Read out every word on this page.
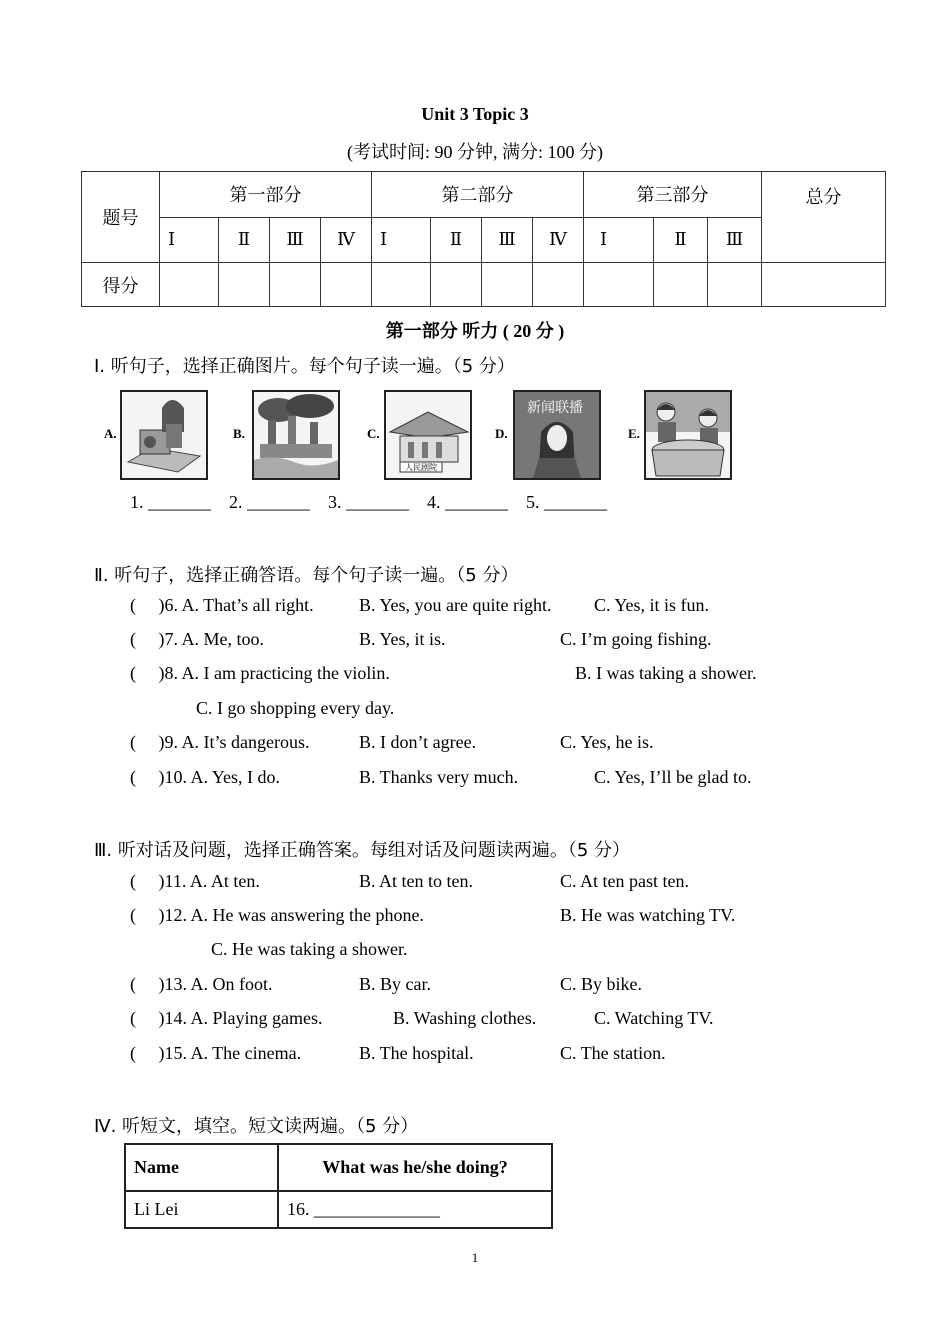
Unit 3 Topic 3
(考试时间: 90 分钟, 满分: 100 分)
题号	第一部分				第二部分				第三部分			总分
	Ⅰ	Ⅱ	Ⅲ	Ⅳ	Ⅰ	Ⅱ	Ⅲ	Ⅳ	Ⅰ	Ⅱ	Ⅲ	
得分												
第一部分 听力 ( 20 分 )
Ⅰ. 听句子，选择正确图片。每个句子读一遍。（5 分）
A.	B.	C.
人民剧院
D.
新闻联播
E.
1. _______    2. _______    3. _______    4. _______    5. _______
Ⅱ. 听句子，选择正确答语。每个句子读一遍。（5 分）
(     )6. A. That’s all right.	B. Yes, you are quite right. C. Yes, it is fun.
(     )7. A. Me, too.	B. Yes, it is.	C. I’m going fishing.
(     )8. A. I am practicing the violin.	B. I was taking a shower.
C. I go shopping every day.
(     )9. A. It’s dangerous.	B. I don’t agree.	C. Yes, he is.
(     )10. A. Yes, I do.	B. Thanks very much.	C. Yes, I’ll be glad to.
Ⅲ. 听对话及问题，选择正确答案。每组对话及问题读两遍。（5 分）
(     )11. A. At ten.	B. At ten to ten.	C. At ten past ten.
(     )12. A. He was answering the phone.	B. He was watching TV.
C. He was taking a shower.
(     )13. A. On foot.	B. By car.	C. By bike.
(     )14. A. Playing games.	B. Washing clothes.	C. Watching TV.
(     )15. A. The cinema.	B. The hospital.	C. The station.
Ⅳ. 听短文，填空。短文读两遍。（5 分）
Name	What was he/she doing?
Li Lei	16. ______________
1
